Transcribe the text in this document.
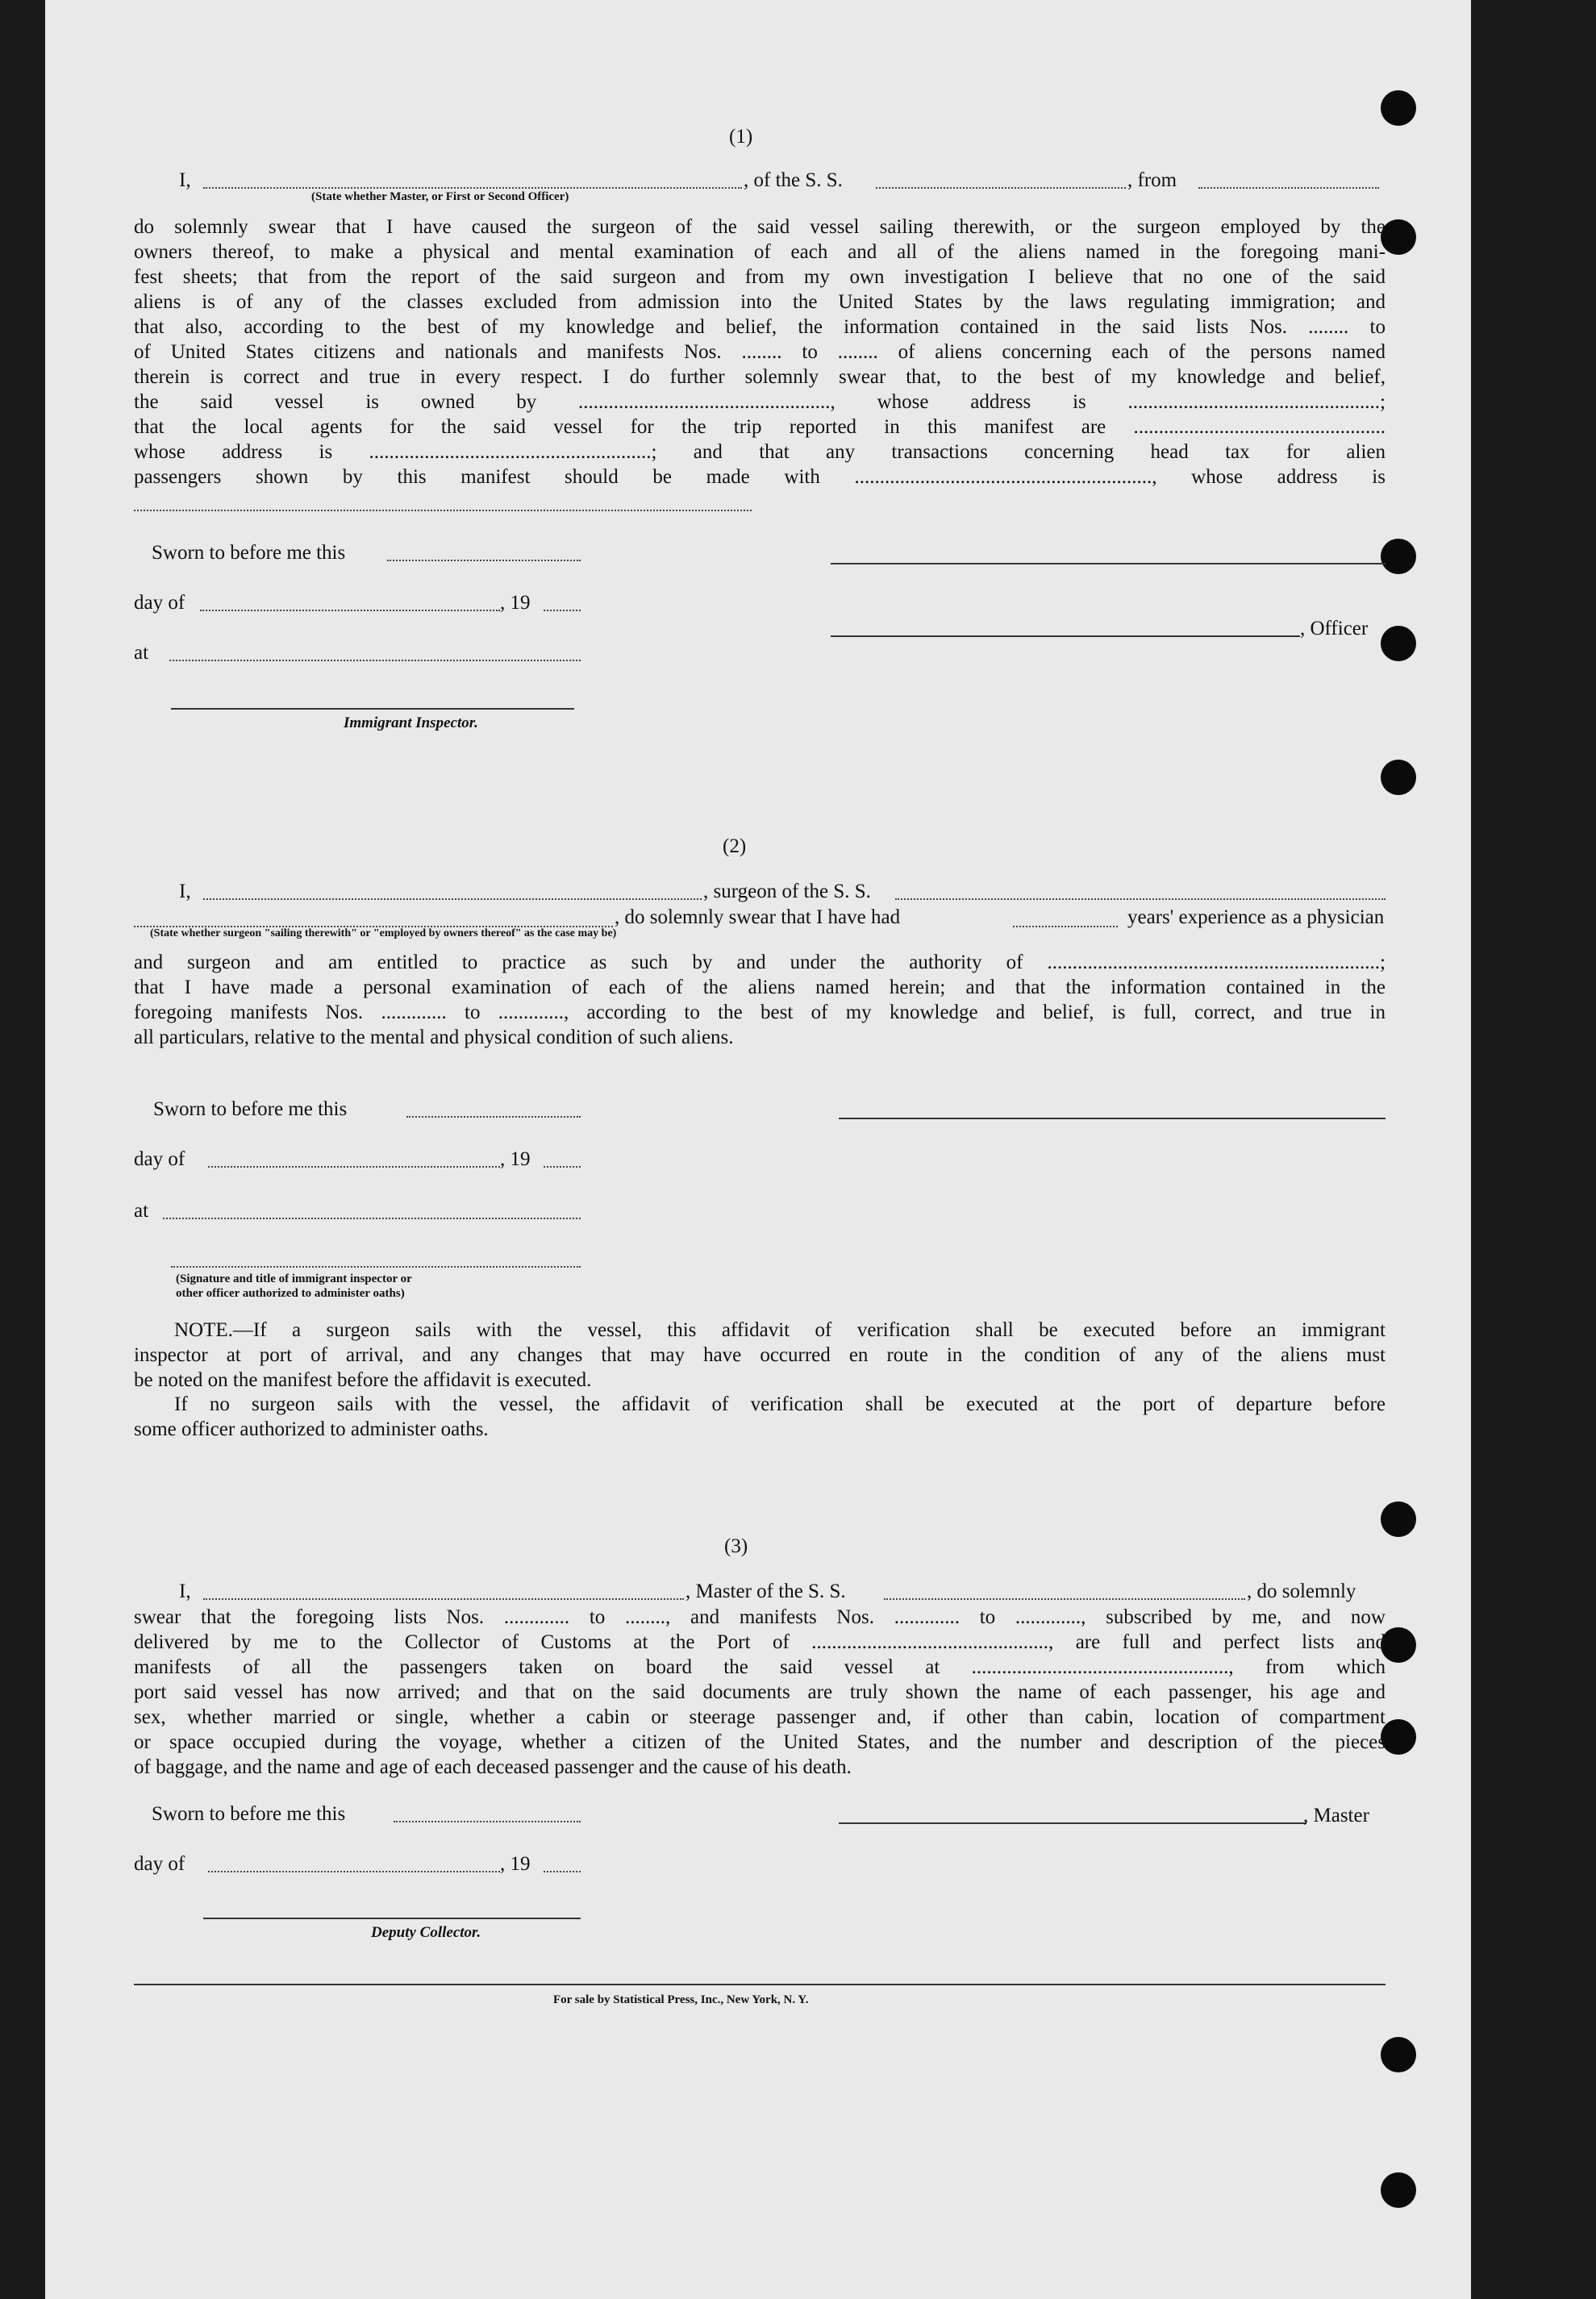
(1)
I,	, of the S. S.	, from
(State whether Master, or First or Second Officer)
do solemnly swear that I have caused the surgeon of the said vessel sailing therewith, or the surgeon employed by the
owners thereof, to make a physical and mental examination of each and all of the aliens named in the foregoing mani-
fest sheets; that from the report of the said surgeon and from my own investigation I believe that no one of the said
aliens is of any of the classes excluded from admission into the United States by the laws regulating immigration; and
that also, according to the best of my knowledge and belief, the information contained in the said lists Nos. ........ to
of United States citizens and nationals and manifests Nos. ........ to ........ of aliens concerning each of the persons named
therein is correct and true in every respect. I do further solemnly swear that, to the best of my knowledge and belief,
the said vessel is owned by .................................................., whose address is ..................................................;
that the local agents for the said vessel for the trip reported in this manifest are ..................................................
whose address is ........................................................; and that any transactions concerning head tax for alien
passengers shown by this manifest should be made with ..........................................................., whose address is
Sworn to before me this
day of	, 19
, Officer
at
Immigrant Inspector.
(2)
I,	, surgeon of the S. S.
, do solemnly swear that I have had	years' experience as a physician
(State whether surgeon "sailing therewith" or "employed by owners thereof" as the case may be)
and surgeon and am entitled to practice as such by and under the authority of ..................................................................;
that I have made a personal examination of each of the aliens named herein; and that the information contained in the
foregoing manifests Nos. ............. to ............., according to the best of my knowledge and belief, is full, correct, and true in
all particulars, relative to the mental and physical condition of such aliens.
Sworn to before me this
day of	, 19
at
(Signature and title of immigrant inspector or
other officer authorized to administer oaths)
NOTE.—If a surgeon sails with the vessel, this affidavit of verification shall be executed before an immigrant
inspector at port of arrival, and any changes that may have occurred en route in the condition of any of the aliens must
be noted on the manifest before the affidavit is executed.
If no surgeon sails with the vessel, the affidavit of verification shall be executed at the port of departure before
some officer authorized to administer oaths.
(3)
I,	, Master of the S. S.	, do solemnly
swear that the foregoing lists Nos. ............. to ........, and manifests Nos. ............. to ............., subscribed by me, and now
delivered by me to the Collector of Customs at the Port of ..............................................., are full and perfect lists and
manifests of all the passengers taken on board the said vessel at ..................................................., from which
port said vessel has now arrived; and that on the said documents are truly shown the name of each passenger, his age and
sex, whether married or single, whether a cabin or steerage passenger and, if other than cabin, location of compartment
or space occupied during the voyage, whether a citizen of the United States, and the number and description of the pieces
of baggage, and the name and age of each deceased passenger and the cause of his death.
Sworn to before me this	, Master
day of	, 19
Deputy Collector.
For sale by Statistical Press, Inc., New York, N. Y.
